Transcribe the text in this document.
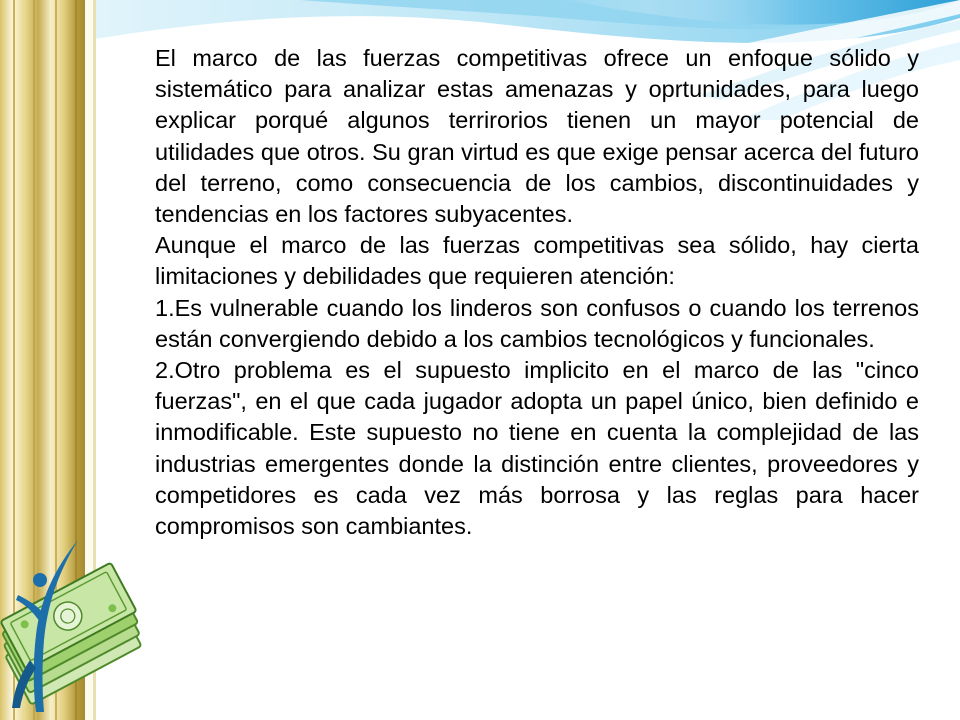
El marco de las fuerzas competitivas ofrece un enfoque sólido y sistemático para analizar estas amenazas y oprtunidades, para luego explicar porqué algunos terrirorios tienen un mayor potencial de utilidades que otros. Su gran virtud es que exige pensar acerca del futuro del terreno, como consecuencia de los cambios, discontinuidades y tendencias en los factores subyacentes.

Aunque el marco de las fuerzas competitivas sea sólido, hay cierta limitaciones y debilidades que requieren atención:

1.Es vulnerable cuando los linderos son confusos o cuando los terrenos están convergiendo debido a los cambios tecnológicos y funcionales.

2.Otro problema es el supuesto implicito en el marco de las "cinco fuerzas", en el que cada jugador adopta un papel único, bien definido e inmodificable. Este supuesto no tiene en cuenta la complejidad de las industrias emergentes donde la distinción entre clientes, proveedores y competidores es cada vez más borrosa y las reglas para hacer compromisos son cambiantes.
